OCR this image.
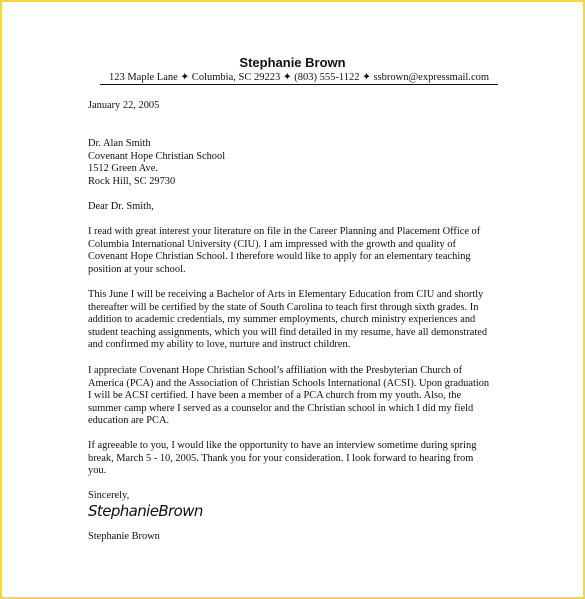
Stephanie Brown
123 Maple Lane ✦ Columbia, SC 29223 ✦ (803) 555-1122 ✦ ssbrown@expressmail.com
January 22, 2005
Dr. Alan Smith
Covenant Hope Christian School
1512 Green Ave.
Rock Hill, SC 29730
Dear Dr. Smith,
I read with great interest your literature on file in the Career Planning and Placement Office of
Columbia International University (CIU). I am impressed with the growth and quality of
Covenant Hope Christian School. I therefore would like to apply for an elementary teaching
position at your school.
This June I will be receiving a Bachelor of Arts in Elementary Education from CIU and shortly
thereafter will be certified by the state of South Carolina to teach first through sixth grades. In
addition to academic credentials, my summer employments, church ministry experiences and
student teaching assignments, which you will find detailed in my resume, have all demonstrated
and confirmed my ability to love, nurture and instruct children.
I appreciate Covenant Hope Christian School’s affiliation with the Presbyterian Church of
America (PCA) and the Association of Christian Schools International (ACSI). Upon graduation
I will be ACSI certified. I have been a member of a PCA church from my youth. Also, the
summer camp where I served as a counselor and the Christian school in which I did my field
education are PCA.
If agreeable to you, I would like the opportunity to have an interview sometime during spring
break, March 5 - 10, 2005. Thank you for your consideration. I look forward to hearing from
you.
Sincerely,
StephanieBrown
Stephanie Brown
